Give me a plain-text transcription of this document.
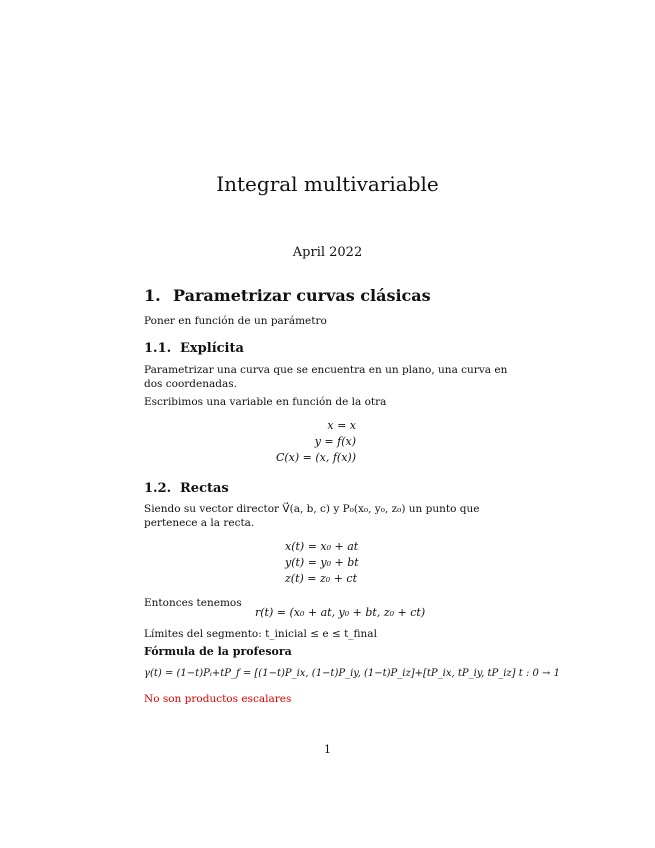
Integral multivariable
April 2022
1. Parametrizar curvas clásicas
Poner en función de un parámetro
1.1. Explícita
Parametrizar una curva que se encuentra en un plano, una curva en dos coordenadas.
Escribimos una variable en función de la otra
x = x
y = f(x)
C(x) = (x, f(x))
1.2. Rectas
Siendo su vector director V⃗(a, b, c) y P₀(x₀, y₀, z₀) un punto que pertenece a la recta.
x(t) = x₀ + at
y(t) = y₀ + bt
z(t) = z₀ + ct
Entonces tenemos
r(t) = (x₀ + at, y₀ + bt, z₀ + ct)
Límites del segmento: t_inicial ≤ e ≤ t_final
Fórmula de la profesora
γ(t) = (1−t)Pᵢ+tP_f = [(1−t)P_ix, (1−t)P_iy, (1−t)P_iz]+[tP_ix, tP_iy, tP_iz] t : 0 → 1
No son productos escalares
1
